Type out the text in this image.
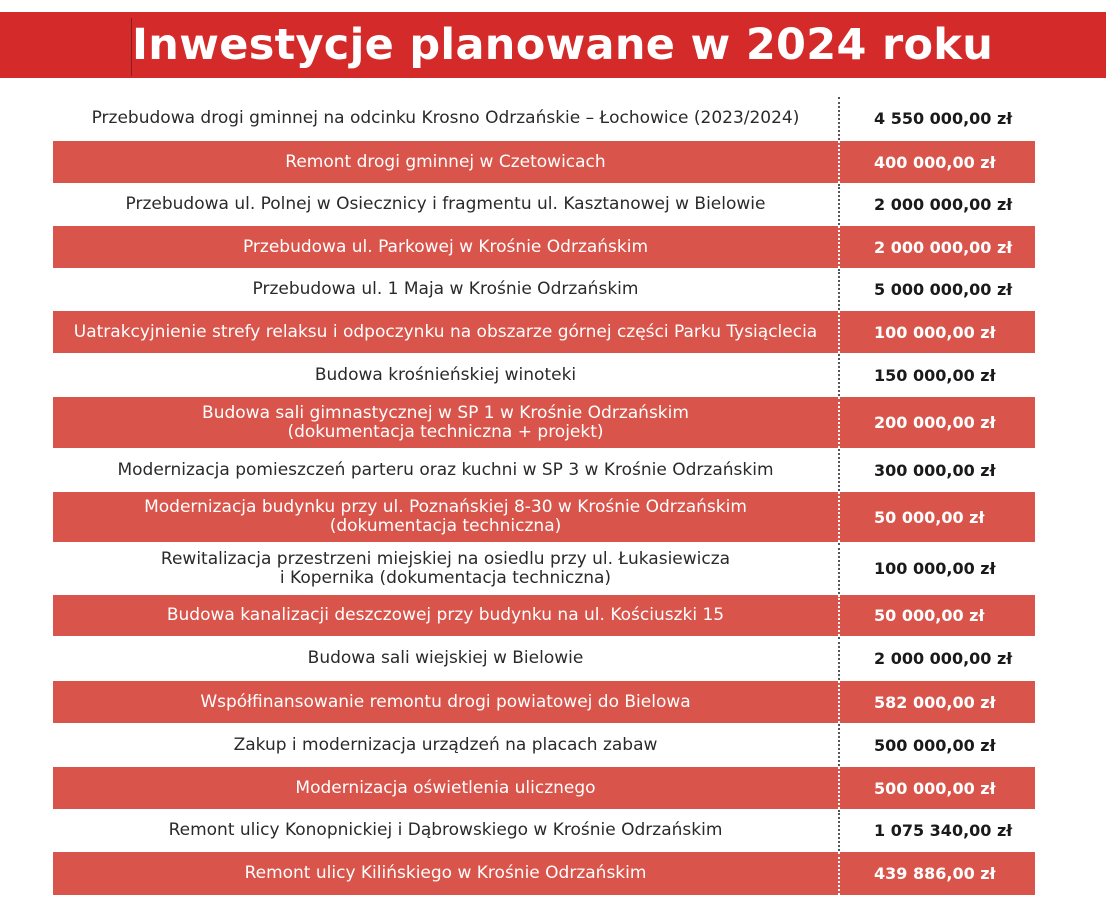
Inwestycje planowane w 2024 roku
Przebudowa drogi gminnej na odcinku Krosno Odrzańskie – Łochowice (2023/2024)	4 550 000,00 zł
Remont drogi gminnej w Czetowicach	400 000,00 zł
Przebudowa ul. Polnej w Osiecznicy i fragmentu ul. Kasztanowej w Bielowie	2 000 000,00 zł
Przebudowa ul. Parkowej w Krośnie Odrzańskim	2 000 000,00 zł
Przebudowa ul. 1 Maja w Krośnie Odrzańskim	5 000 000,00 zł
Uatrakcyjnienie strefy relaksu i odpoczynku na obszarze górnej części Parku Tysiąclecia	100 000,00 zł
Budowa krośnieńskiej winoteki	150 000,00 zł
Budowa sali gimnastycznej w SP 1 w Krośnie Odrzańskim
(dokumentacja techniczna + projekt)	200 000,00 zł
Modernizacja pomieszczeń parteru oraz kuchni w SP 3 w Krośnie Odrzańskim	300 000,00 zł
Modernizacja budynku przy ul. Poznańskiej 8-30 w Krośnie Odrzańskim
(dokumentacja techniczna)	50 000,00 zł
Rewitalizacja przestrzeni miejskiej na osiedlu przy ul. Łukasiewicza
i Kopernika (dokumentacja techniczna)	100 000,00 zł
Budowa kanalizacji deszczowej przy budynku na ul. Kościuszki 15	50 000,00 zł
Budowa sali wiejskiej w Bielowie	2 000 000,00 zł
Współfinansowanie remontu drogi powiatowej do Bielowa	582 000,00 zł
Zakup i modernizacja urządzeń na placach zabaw	500 000,00 zł
Modernizacja oświetlenia ulicznego	500 000,00 zł
Remont ulicy Konopnickiej i Dąbrowskiego w Krośnie Odrzańskim	1 075 340,00 zł
Remont ulicy Kilińskiego w Krośnie Odrzańskim	439 886,00 zł
